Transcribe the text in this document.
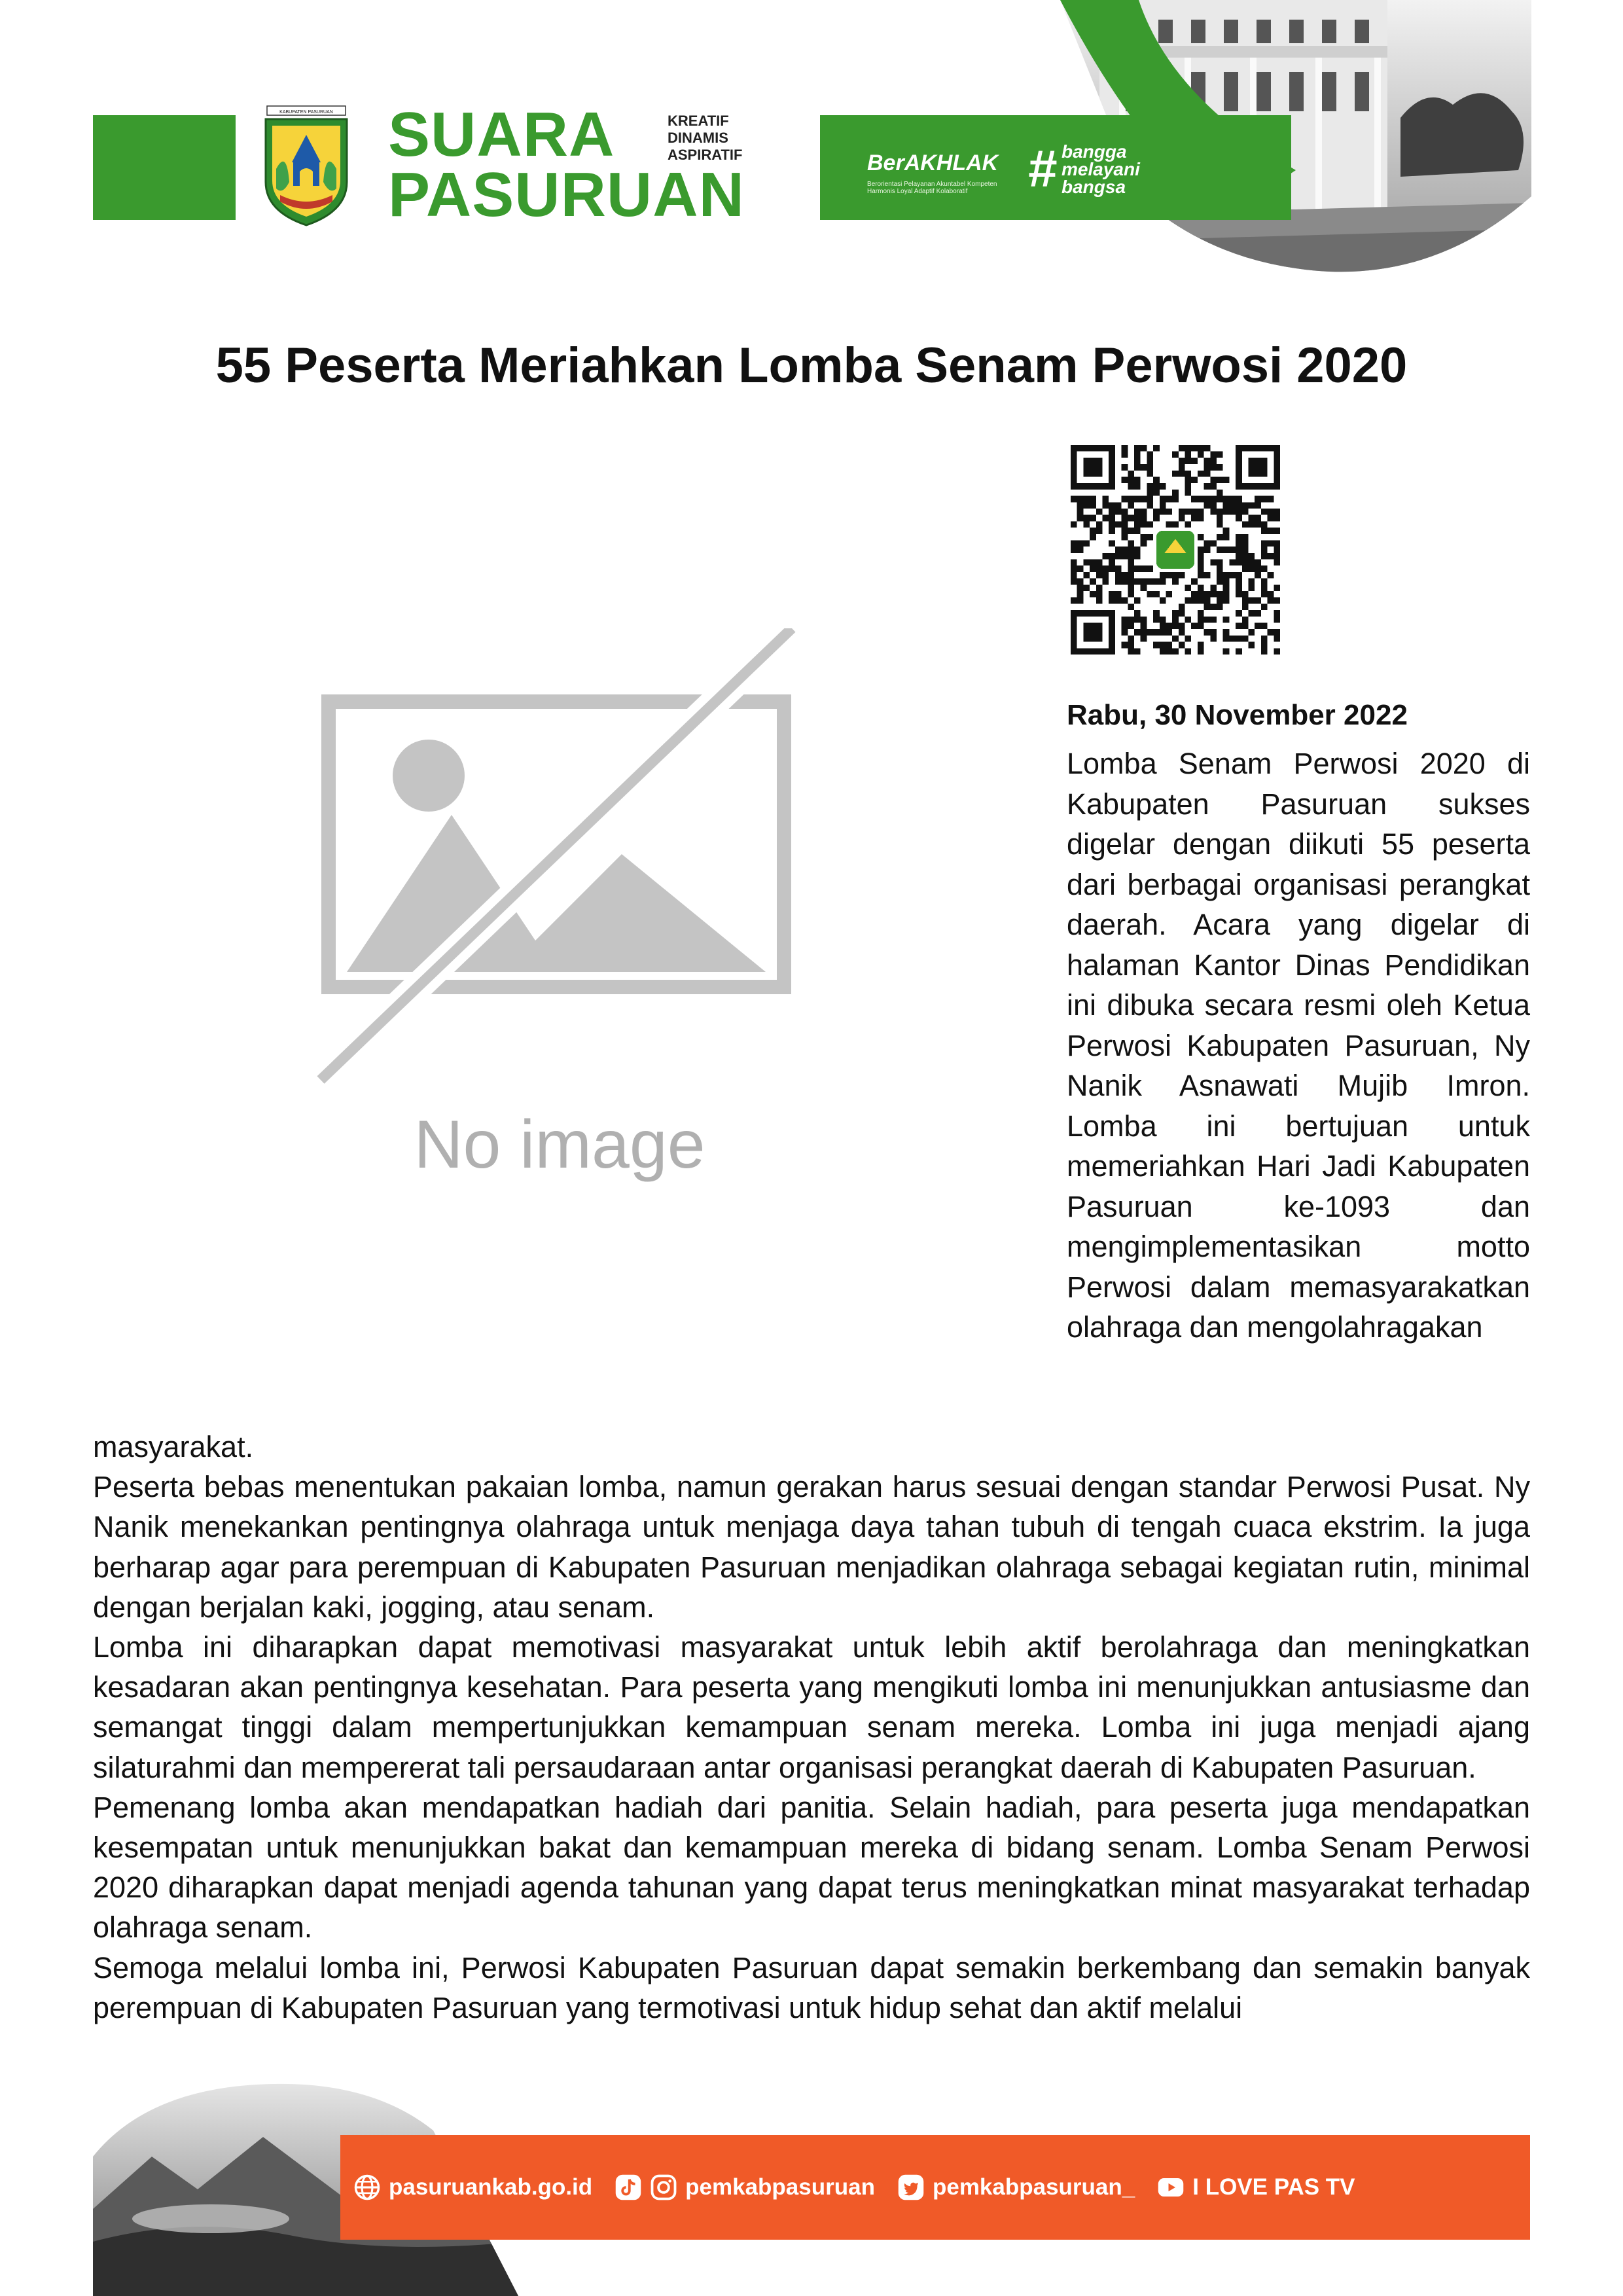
KABUPATEN PASURUAN SUARA
PASURUAN
KREATIF
DINAMIS
ASPIRATIF	BerAKHLAK
Berorientasi Pelayanan Akuntabel Kompeten Harmonis Loyal Adaptif Kolaboratif	# bangga
melayani
bangsa
55 Peserta Meriahkan Lomba Senam Perwosi 2020
No image
Rabu, 30 November 2022
Lomba Senam Perwosi 2020 di Kabupaten Pasuruan sukses digelar dengan diikuti 55 peserta dari berbagai organisasi perangkat daerah. Acara yang digelar di halaman Kantor Dinas Pendidikan ini dibuka secara resmi oleh Ketua Perwosi Kabupaten Pasuruan, Ny Nanik Asnawati Mujib Imron. Lomba ini bertujuan untuk memeriahkan Hari Jadi Kabupaten Pasuruan ke-1093 dan mengimplementasikan motto Perwosi dalam memasyarakatkan olahraga dan mengolahragakan

masyarakat.

Peserta bebas menentukan pakaian lomba, namun gerakan harus sesuai dengan standar Perwosi Pusat. Ny Nanik menekankan pentingnya olahraga untuk menjaga daya tahan tubuh di tengah cuaca ekstrim. Ia juga berharap agar para perempuan di Kabupaten Pasuruan menjadikan olahraga sebagai kegiatan rutin, minimal dengan berjalan kaki, jogging, atau senam.

Lomba ini diharapkan dapat memotivasi masyarakat untuk lebih aktif berolahraga dan meningkatkan kesadaran akan pentingnya kesehatan. Para peserta yang mengikuti lomba ini menunjukkan antusiasme dan semangat tinggi dalam mempertunjukkan kemampuan senam mereka. Lomba ini juga menjadi ajang silaturahmi dan mempererat tali persaudaraan antar organisasi perangkat daerah di Kabupaten Pasuruan.

Pemenang lomba akan mendapatkan hadiah dari panitia. Selain hadiah, para peserta juga mendapatkan kesempatan untuk menunjukkan bakat dan kemampuan mereka di bidang senam. Lomba Senam Perwosi 2020 diharapkan dapat menjadi agenda tahunan yang dapat terus meningkatkan minat masyarakat terhadap olahraga senam.

Semoga melalui lomba ini, Perwosi Kabupaten Pasuruan dapat semakin berkembang dan semakin banyak perempuan di Kabupaten Pasuruan yang termotivasi untuk hidup sehat dan aktif melalui

pasuruankab.go.id	pemkabpasuruan	pemkabpasuruan_	I LOVE PAS TV
